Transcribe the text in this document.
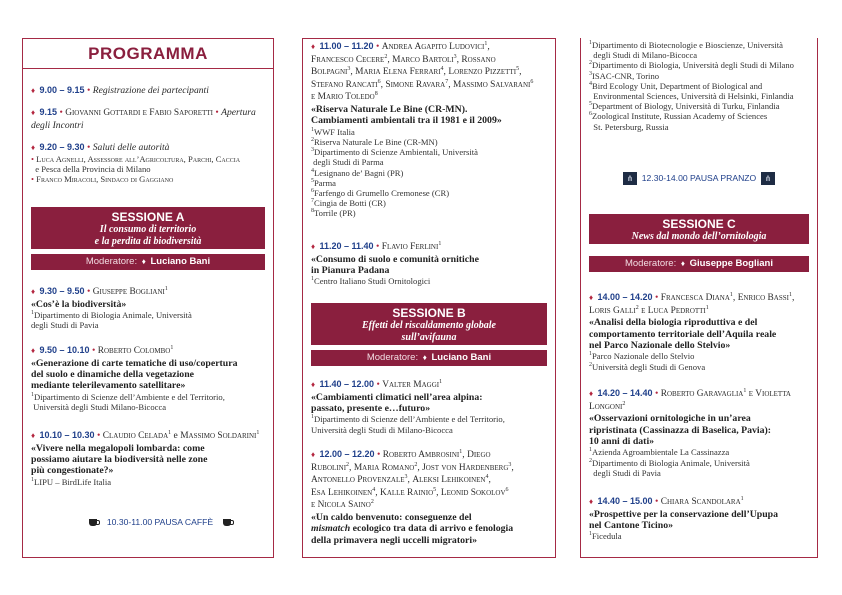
PROGRAMMA
♦ 9.00 – 9.15 • Registrazione dei partecipanti
♦ 9.15 • Giovanni Gottardi e Fabio Saporetti • Apertura
degli Incontri
♦ 9.20 – 9.30 • Saluti delle autorità
• Luca Agnelli, Assessore all’Agricoltura, Parchi, Caccia
e Pesca della Provincia di Milano
• Franco Miracoli, Sindaco di Gaggiano
SESSIONE A
Il consumo di territorio
e la perdita di biodiversità
Moderatore: ♦ Luciano Bani
♦ 9.30 – 9.50 • Giuseppe Bogliani$^1$
«Cos’è la biodiversità»
$^1$Dipartimento di Biologia Animale, Università
degli Studi di Pavia
♦ 9.50 – 10.10 • Roberto Colombo$^1$
«Generazione di carte tematiche di uso/copertura
del suolo e dinamiche della vegetazione
mediante telerilevamento satellitare»
$^1$Dipartimento di Scienze dell’Ambiente e del Territorio,
Università degli Studi Milano-Bicocca
♦ 10.10 – 10.30 • Claudio Celada$^1$ e Massimo Soldarini$^1$
«Vivere nella megalopoli lombarda: come
possiamo aiutare la biodiversità nelle zone
più congestionate?»
$^1$LIPU – BirdLife Italia
10.30-11.00 PAUSA CAFFÈ
♦ 11.00 – 11.20 • Andrea Agapito Ludovici$^1$,
Francesco Cecere$^2$, Marco Bartoli$^3$, Rossano
Bolpagni$^3$, Maria Elena Ferrari$^4$, Lorenzo Pizzetti$^5$,
Stefano Rancati$^6$, Simone Ravara$^7$, Massimo Salvarani$^6$
e Mario Toledo$^8$
«Riserva Naturale Le Bine (CR-MN).
Cambiamenti ambientali tra il 1981 e il 2009»
$^1$WWF Italia
$^2$Riserva Naturale Le Bine (CR-MN)
$^3$Dipartimento di Scienze Ambientali, Università
degli Studi di Parma
$^4$Lesignano de’ Bagni (PR)
$^5$Parma
$^6$Farfengo di Grumello Cremonese (CR)
$^7$Cingia de Botti (CR)
$^8$Torrile (PR)
♦ 11.20 – 11.40 • Flavio Ferlini$^1$
«Consumo di suolo e comunità ornitiche
in Pianura Padana
$^1$Centro Italiano Studi Ornitologici
SESSIONE B
Effetti del riscaldamento globale
sull’avifauna
Moderatore: ♦ Luciano Bani
♦ 11.40 – 12.00 • Valter Maggi$^1$
«Cambiamenti climatici nell’area alpina:
passato, presente e…futuro»
$^1$Dipartimento di Scienze dell’Ambiente e del Territorio,
Università degli Studi di Milano-Bicocca
♦ 12.00 – 12.20 • Roberto Ambrosini$^1$, Diego
Rubolini$^2$, Maria Romano$^2$, Jost von Hardenberg$^3$,
Antonello Provenzale$^3$, Aleksi Lehikoinen$^4$,
Esa Lehikoinen$^4$, Kalle Rainio$^5$, Leonid Sokolov$^6$
e Nicola Saino$^2$
«Un caldo benvenuto: conseguenze del
mismatch ecologico tra data di arrivo e fenologia
della primavera negli uccelli migratori»
$^1$Dipartimento di Biotecnologie e Bioscienze, Università
degli Studi di Milano-Bicocca
$^2$Dipartimento di Biologia, Università degli Studi di Milano
$^3$ISAC-CNR, Torino
$^4$Bird Ecology Unit, Department of Biological and
Environmental Sciences, Università di Helsinki, Finlandia
$^5$Department of Biology, Università di Turku, Finlandia
$^6$Zoological Institute, Russian Academy of Sciences
St. Petersburg, Russia
⋔ 12.30-14.00 PAUSA PRANZO ⋔
SESSIONE C
News dal mondo dell’ornitologia
Moderatore: ♦ Giuseppe Bogliani
♦ 14.00 – 14.20 • Francesca Diana$^1$, Enrico Bassi$^1$,
Loris Galli$^2$ e Luca Pedrotti$^1$
«Analisi della biologia riproduttiva e del
comportamento territoriale dell’Aquila reale
nel Parco Nazionale dello Stelvio»
$^1$Parco Nazionale dello Stelvio
$^2$Università degli Studi di Genova
♦ 14.20 – 14.40 • Roberto Garavaglia$^1$ e Violetta
Longoni$^2$
«Osservazioni ornitologiche in un’area
ripristinata (Cassinazza di Baselica, Pavia):
10 anni di dati»
$^1$Azienda Agroambientale La Cassinazza
$^2$Dipartimento di Biologia Animale, Università
degli Studi di Pavia
♦ 14.40 – 15.00 • Chiara Scandolara$^1$
«Prospettive per la conservazione dell’Upupa
nel Cantone Ticino»
$^1$Ficedula
